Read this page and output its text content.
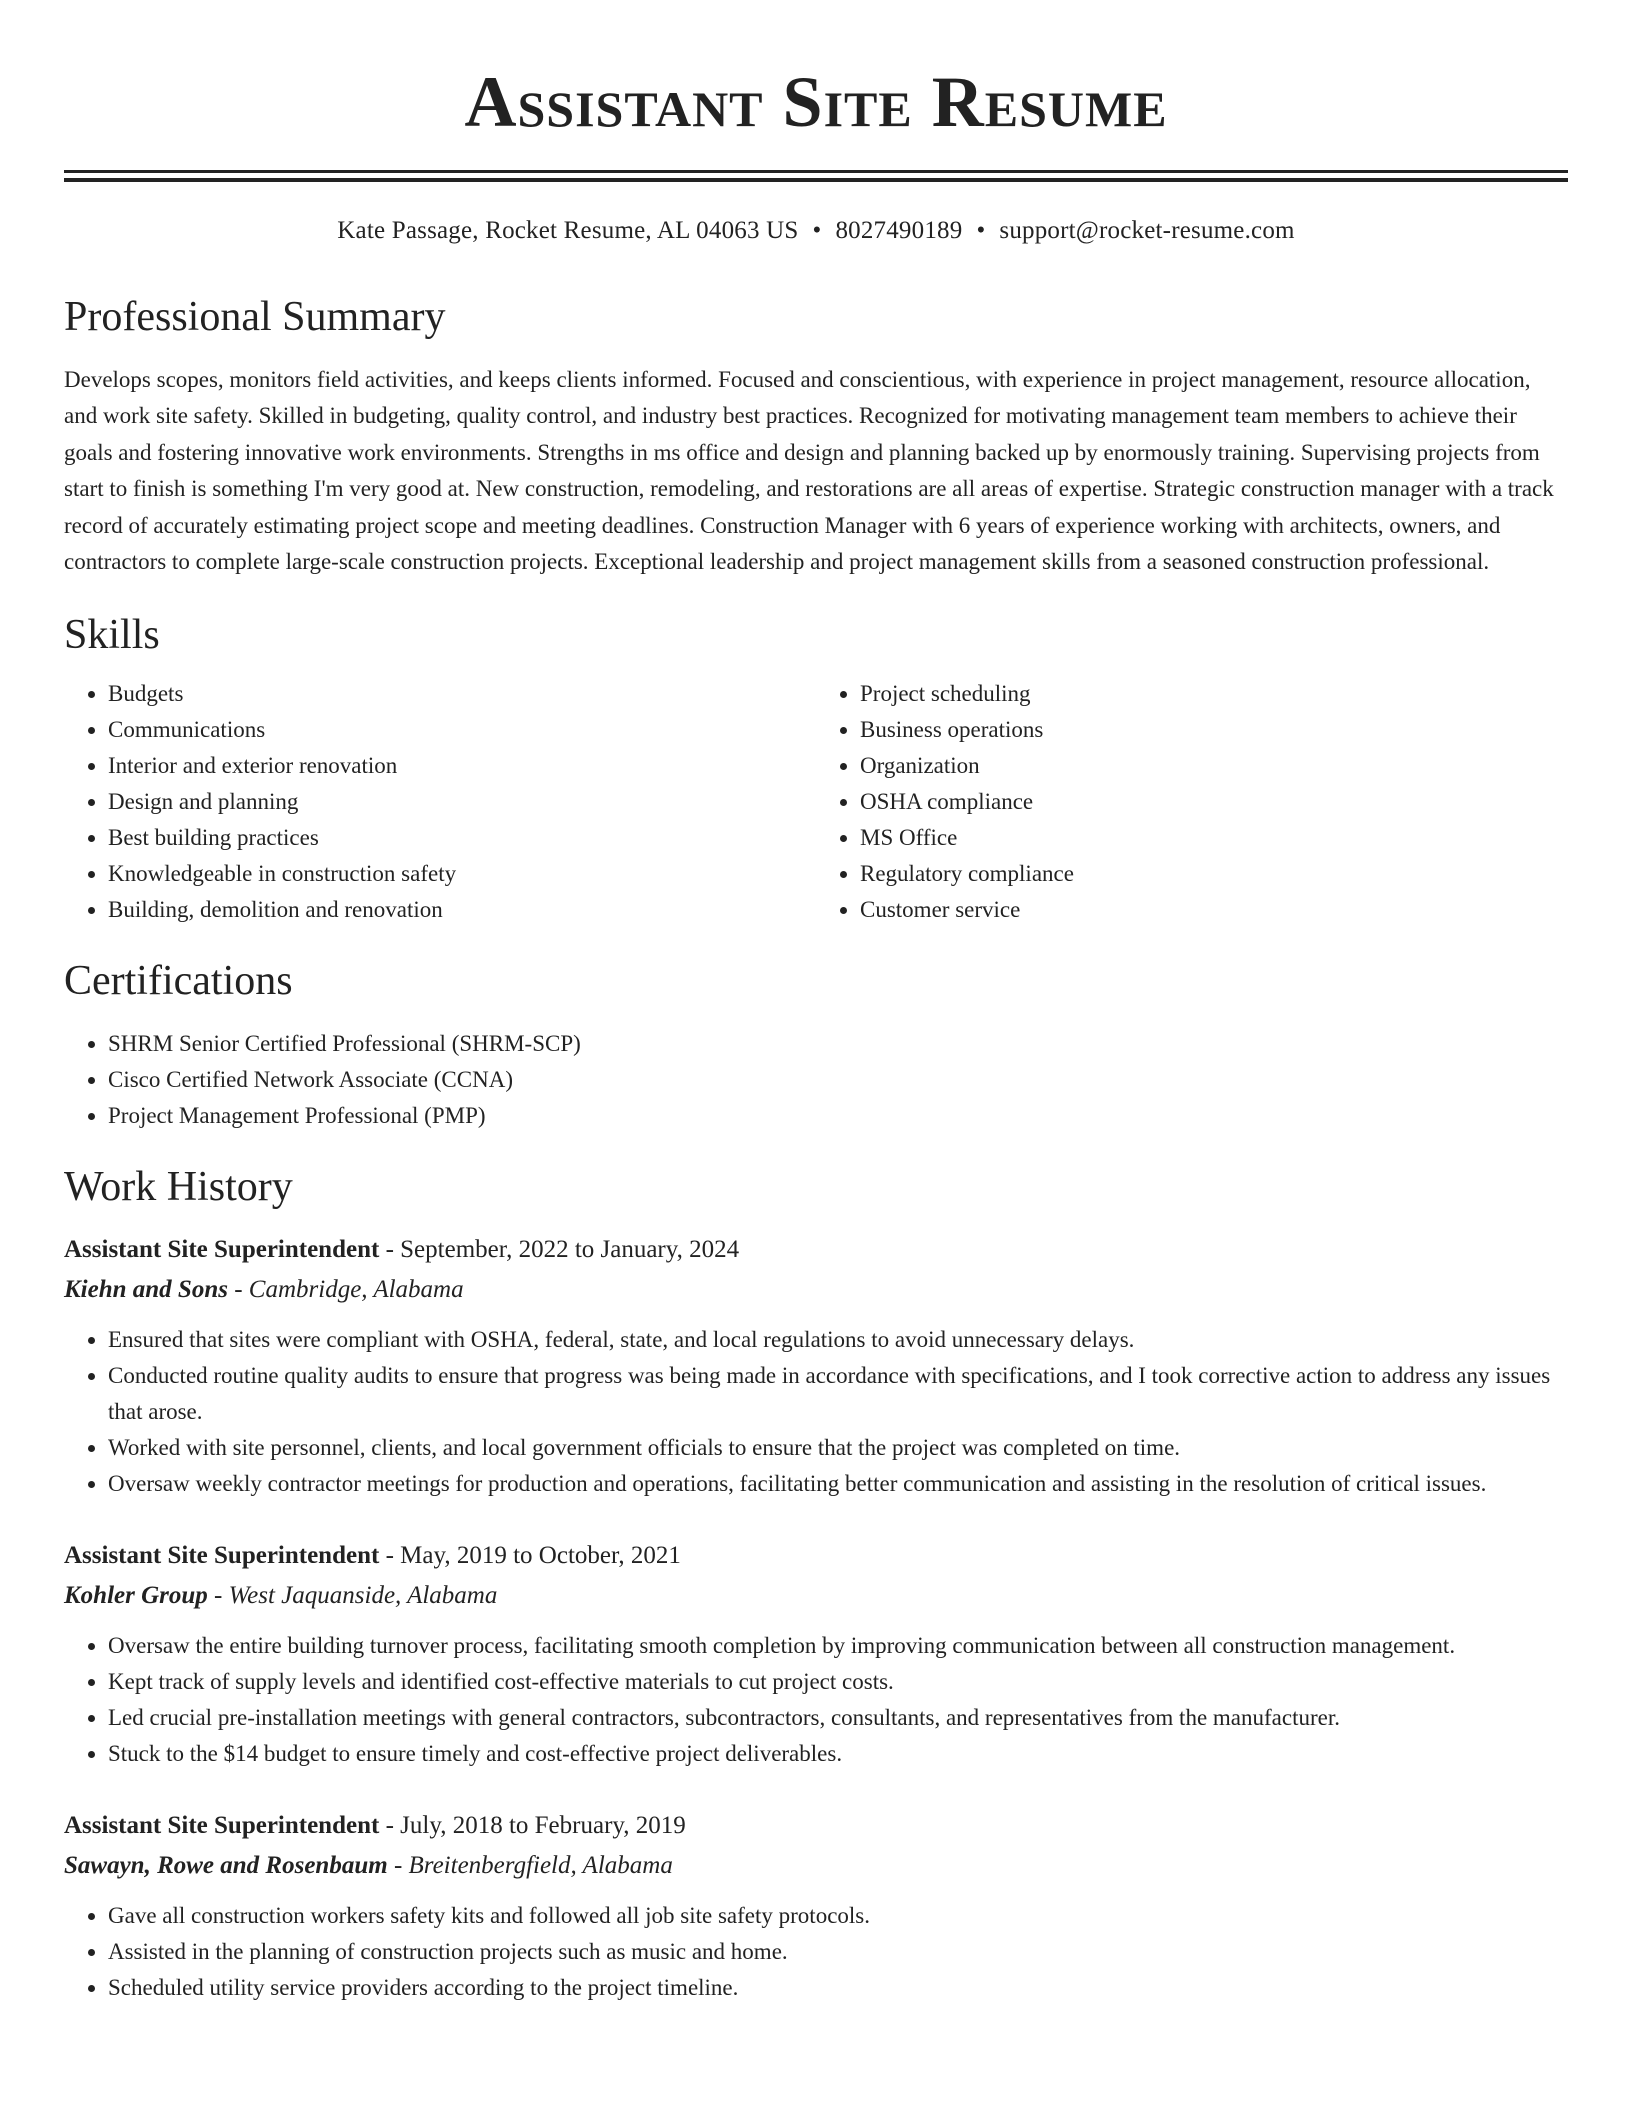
Assistant Site Resume
Kate Passage, Rocket Resume, AL 04063 US • 8027490189 • support@rocket-resume.com
Professional Summary

Develops scopes, monitors field activities, and keeps clients informed. Focused and conscientious, with experience in project management, resource allocation, and work site safety. Skilled in budgeting, quality control, and industry best practices. Recognized for motivating management team members to achieve their goals and fostering innovative work environments. Strengths in ms office and design and planning backed up by enormously training. Supervising projects from start to finish is something I'm very good at. New construction, remodeling, and restorations are all areas of expertise. Strategic construction manager with a track record of accurately estimating project scope and meeting deadlines. Construction Manager with 6 years of experience working with architects, owners, and contractors to complete large-scale construction projects. Exceptional leadership and project management skills from a seasoned construction professional.

Skills
• Budgets
• Communications
• Interior and exterior renovation
• Design and planning
• Best building practices
• Knowledgeable in construction safety
• Building, demolition and renovation
• Project scheduling
• Business operations
• Organization
• OSHA compliance
• MS Office
• Regulatory compliance
• Customer service
Certifications
• SHRM Senior Certified Professional (SHRM-SCP)
• Cisco Certified Network Associate (CCNA)
• Project Management Professional (PMP)
Work History
Assistant Site Superintendent - September, 2022 to January, 2024
Kiehn and Sons - Cambridge, Alabama
• Ensured that sites were compliant with OSHA, federal, state, and local regulations to avoid unnecessary delays.
• Conducted routine quality audits to ensure that progress was being made in accordance with specifications, and I took corrective action to address any issues that arose.
• Worked with site personnel, clients, and local government officials to ensure that the project was completed on time.
• Oversaw weekly contractor meetings for production and operations, facilitating better communication and assisting in the resolution of critical issues.
Assistant Site Superintendent - May, 2019 to October, 2021
Kohler Group - West Jaquanside, Alabama
• Oversaw the entire building turnover process, facilitating smooth completion by improving communication between all construction management.
• Kept track of supply levels and identified cost-effective materials to cut project costs.
• Led crucial pre-installation meetings with general contractors, subcontractors, consultants, and representatives from the manufacturer.
• Stuck to the $14 budget to ensure timely and cost-effective project deliverables.
Assistant Site Superintendent - July, 2018 to February, 2019
Sawayn, Rowe and Rosenbaum - Breitenbergfield, Alabama
• Gave all construction workers safety kits and followed all job site safety protocols.
• Assisted in the planning of construction projects such as music and home.
• Scheduled utility service providers according to the project timeline.
